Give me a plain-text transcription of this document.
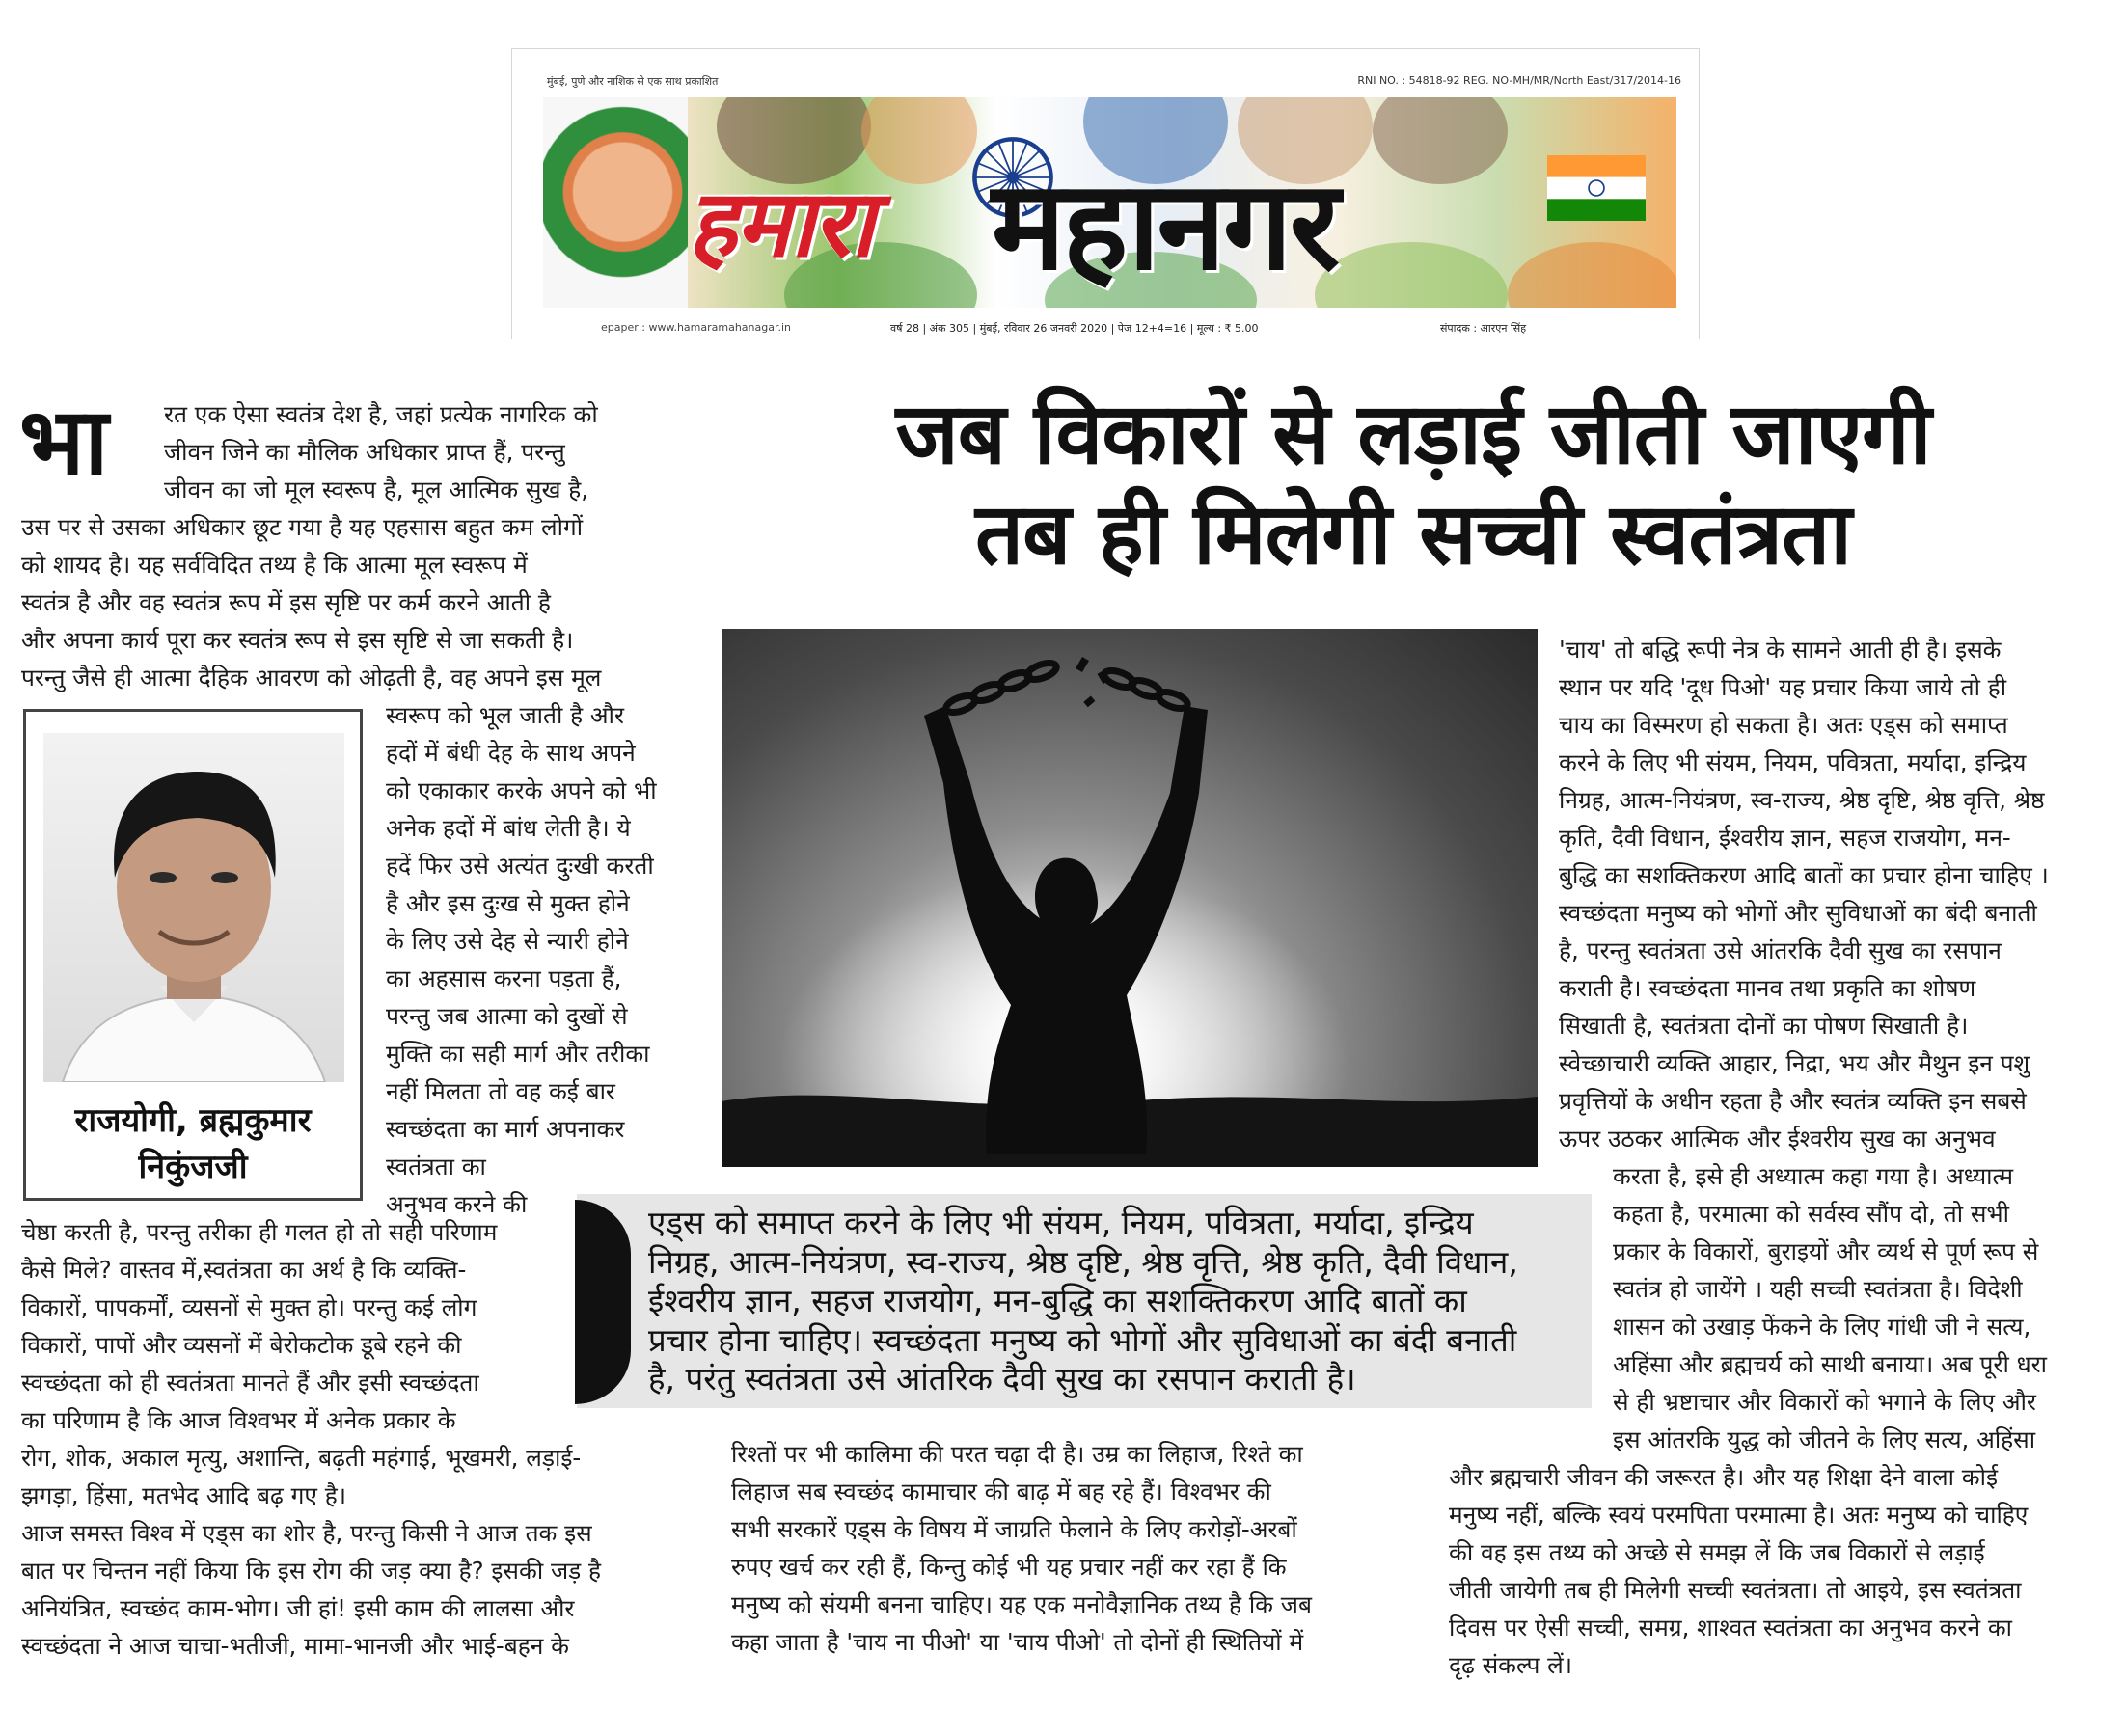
मुंबई, पुणे और नाशिक से एक साथ प्रकाशित	RNI NO. : 54818-92 REG. NO-MH/MR/North East/317/2014-16
हमारा महानगर
epaper : www.hamaramahanagar.in	वर्ष 28 | अंक 305 | मुंबई, रविवार 26 जनवरी 2020 | पेज 12+4=16 | मूल्य : ₹ 5.00	संपादक : आरएन सिंह
जब विकारों से लड़ाई जीती जाएगी
तब ही मिलेगी सच्ची स्वतंत्रता
भा रत एक ऐसा स्वतंत्र देश है, जहां प्रत्येक नागरिक को
जीवन जिने का मौलिक अधिकार प्राप्त हैं, परन्तु
जीवन का जो मूल स्वरूप है, मूल आत्मिक सुख है,
उस पर से उसका अधिकार छूट गया है यह एहसास बहुत कम लोगों
को शायद है। यह सर्वविदित तथ्य है कि आत्मा मूल स्वरूप में
स्वतंत्र है और वह स्वतंत्र रूप में इस सृष्टि पर कर्म करने आती है
और अपना कार्य पूरा कर स्वतंत्र रूप से इस सृष्टि से जा सकती है।
परन्तु जैसे ही आत्मा दैहिक आवरण को ओढ़ती है, वह अपने इस मूल
राजयोगी, ब्रह्मकुमार
निकुंजजी
स्वरूप को भूल जाती है और
हदों में बंधी देह के साथ अपने
को एकाकार करके अपने को भी
अनेक हदों में बांध लेती है। ये
हदें फिर उसे अत्यंत दुःखी करती
है और इस दुःख से मुक्त होने
के लिए उसे देह से न्यारी होने
का अहसास करना पड़ता हैं,
परन्तु जब आत्मा को दुखों से
मुक्ति का सही मार्ग और तरीका
नहीं मिलता तो वह कई बार
स्वच्छंदता का मार्ग अपनाकर
स्वतंत्रता का
अनुभव करने की
चेष्ठा करती है, परन्तु तरीका ही गलत हो तो सही परिणाम
कैसे मिले? वास्तव में,स्वतंत्रता का अर्थ है कि व्यक्ति-
विकारों, पापकर्मों, व्यसनों से मुक्त हो। परन्तु कई लोग
विकारों, पापों और व्यसनों में बेरोकटोक डूबे रहने की
स्वच्छंदता को ही स्वतंत्रता मानते हैं और इसी स्वच्छंदता
का परिणाम है कि आज विश्वभर में अनेक प्रकार के
रोग, शोक, अकाल मृत्यु, अशान्ति, बढ़ती महंगाई, भूखमरी, लड़ाई-
झगड़ा, हिंसा, मतभेद आदि बढ़ गए है।
आज समस्त विश्व में एड्स का शोर है, परन्तु किसी ने आज तक इस
बात पर चिन्तन नहीं किया कि इस रोग की जड़ क्या है? इसकी जड़ है
अनियंत्रित, स्वच्छंद काम-भोग। जी हां! इसी काम की लालसा और
स्वच्छंदता ने आज चाचा-भतीजी, मामा-भानजी और भाई-बहन के
एड्स को समाप्त करने के लिए भी संयम, नियम, पवित्रता, मर्यादा, इन्द्रिय
निग्रह, आत्म-नियंत्रण, स्व-राज्य, श्रेष्ठ दृष्टि, श्रेष्ठ वृत्ति, श्रेष्ठ कृति, दैवी विधान,
ईश्वरीय ज्ञान, सहज राजयोग, मन-बुद्धि का सशक्तिकरण आदि बातों का
प्रचार होना चाहिए। स्वच्छंदता मनुष्य को भोगों और सुविधाओं का बंदी बनाती
है, परंतु स्वतंत्रता उसे आंतरिक दैवी सुख का रसपान कराती है।
रिश्तों पर भी कालिमा की परत चढ़ा दी है। उम्र का लिहाज, रिश्ते का
लिहाज सब स्वच्छंद कामाचार की बाढ़ में बह रहे हैं। विश्वभर की
सभी सरकारें एड्स के विषय में जाग्रति फेलाने के लिए करोड़ों-अरबों
रुपए खर्च कर रही हैं, किन्तु कोई भी यह प्रचार नहीं कर रहा हैं कि
मनुष्य को संयमी बनना चाहिए। यह एक मनोवैज्ञानिक तथ्य है कि जब
कहा जाता है 'चाय ना पीओ' या 'चाय पीओ' तो दोनों ही स्थितियों में
'चाय' तो बद्धि रूपी नेत्र के सामने आती ही है। इसके
स्थान पर यदि 'दूध पिओ' यह प्रचार किया जाये तो ही
चाय का विस्मरण हो सकता है। अतः एड्स को समाप्त
करने के लिए भी संयम, नियम, पवित्रता, मर्यादा, इन्द्रिय
निग्रह, आत्म-नियंत्रण, स्व-राज्य, श्रेष्ठ दृष्टि, श्रेष्ठ वृत्ति, श्रेष्ठ
कृति, दैवी विधान, ईश्वरीय ज्ञान, सहज राजयोग, मन-
बुद्धि का सशक्तिकरण आदि बातों का प्रचार होना चाहिए ।
स्वच्छंदता मनुष्य को भोगों और सुविधाओं का बंदी बनाती
है, परन्तु स्वतंत्रता उसे आंतरकि दैवी सुख का रसपान
कराती है। स्वच्छंदता मानव तथा प्रकृति का शोषण
सिखाती है, स्वतंत्रता दोनों का पोषण सिखाती है।
स्वेच्छाचारी व्यक्ति आहार, निद्रा, भय और मैथुन इन पशु
प्रवृत्तियों के अधीन रहता है और स्वतंत्र व्यक्ति इन सबसे
ऊपर उठकर आत्मिक और ईश्वरीय सुख का अनुभव
करता है, इसे ही अध्यात्म कहा गया है। अध्यात्म
कहता है, परमात्मा को सर्वस्व सौंप दो, तो सभी
प्रकार के विकारों, बुराइयों और व्यर्थ से पूर्ण रूप से
स्वतंत्र हो जायेंगे । यही सच्ची स्वतंत्रता है। विदेशी
शासन को उखाड़ फेंकने के लिए गांधी जी ने सत्य,
अहिंसा और ब्रह्मचर्य को साथी बनाया। अब पूरी धरा
से ही भ्रष्टाचार और विकारों को भगाने के लिए और
इस आंतरकि युद्ध को जीतने के लिए सत्य, अहिंसा
और ब्रह्मचारी जीवन की जरूरत है। और यह शिक्षा देने वाला कोई
मनुष्य नहीं, बल्कि स्वयं परमपिता परमात्मा है। अतः मनुष्य को चाहिए
की वह इस तथ्य को अच्छे से समझ लें कि जब विकारों से लड़ाई
जीती जायेगी तब ही मिलेगी सच्ची स्वतंत्रता। तो आइये, इस स्वतंत्रता
दिवस पर ऐसी सच्ची, समग्र, शाश्वत स्वतंत्रता का अनुभव करने का
दृढ़ संकल्प लें।
